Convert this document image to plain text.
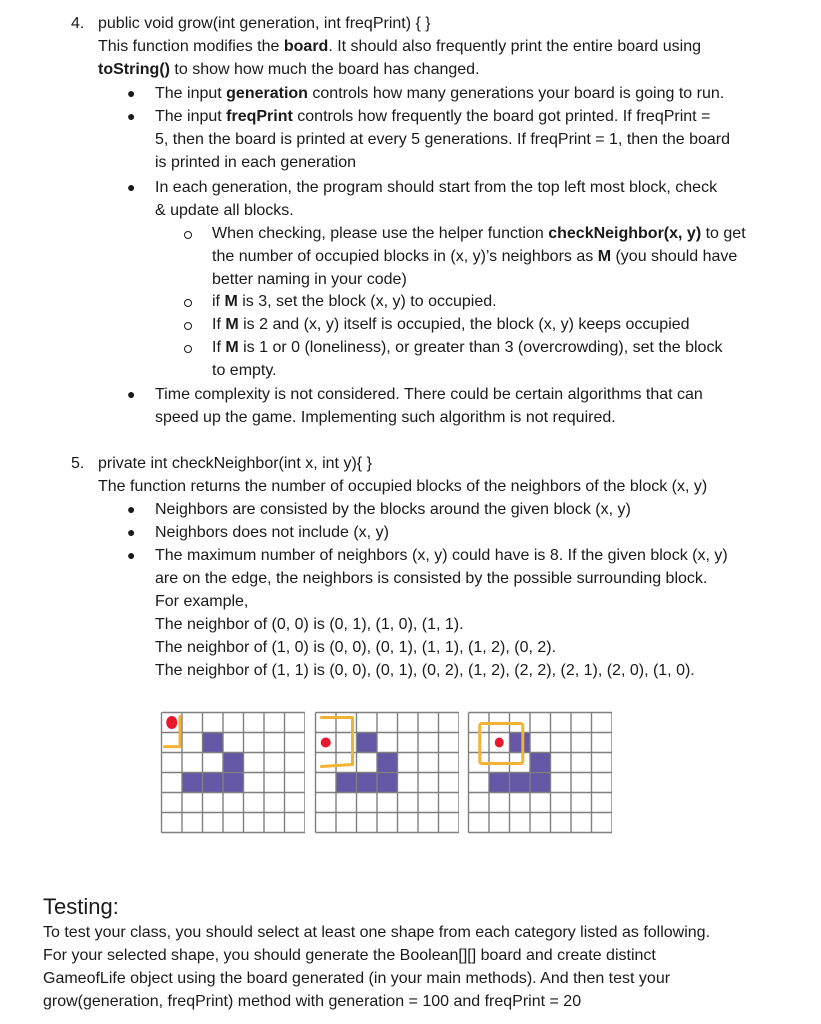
4. public void grow(int generation, int freqPrint) { }
This function modifies the board. It should also frequently print the entire board using
toString() to show how much the board has changed.
● The input generation controls how many generations your board is going to run.
● The input freqPrint controls how frequently the board got printed. If freqPrint =
5, then the board is printed at every 5 generations. If freqPrint = 1, then the board
is printed in each generation
● In each generation, the program should start from the top left most block, check
& update all blocks.
When checking, please use the helper function checkNeighbor(x, y) to get
the number of occupied blocks in (x, y)’s neighbors as M (you should have
better naming in your code)
if M is 3, set the block (x, y) to occupied.
If M is 2 and (x, y) itself is occupied, the block (x, y) keeps occupied
If M is 1 or 0 (loneliness), or greater than 3 (overcrowding), set the block
to empty.
● Time complexity is not considered. There could be certain algorithms that can
speed up the game. Implementing such algorithm is not required.
5. private int checkNeighbor(int x, int y){ }
The function returns the number of occupied blocks of the neighbors of the block (x, y)
● Neighbors are consisted by the blocks around the given block (x, y)
● Neighbors does not include (x, y)
● The maximum number of neighbors (x, y) could have is 8. If the given block (x, y)
are on the edge, the neighbors is consisted by the possible surrounding block.
For example,
The neighbor of (0, 0) is (0, 1), (1, 0), (1, 1).
The neighbor of (1, 0) is (0, 0), (0, 1), (1, 1), (1, 2), (0, 2).
The neighbor of (1, 1) is (0, 0), (0, 1), (0, 2), (1, 2), (2, 2), (2, 1), (2, 0), (1, 0).
Testing:
To test your class, you should select at least one shape from each category listed as following.
For your selected shape, you should generate the Boolean[][] board and create distinct
GameofLife object using the board generated (in your main methods). And then test your
grow(generation, freqPrint) method with generation = 100 and freqPrint = 20
